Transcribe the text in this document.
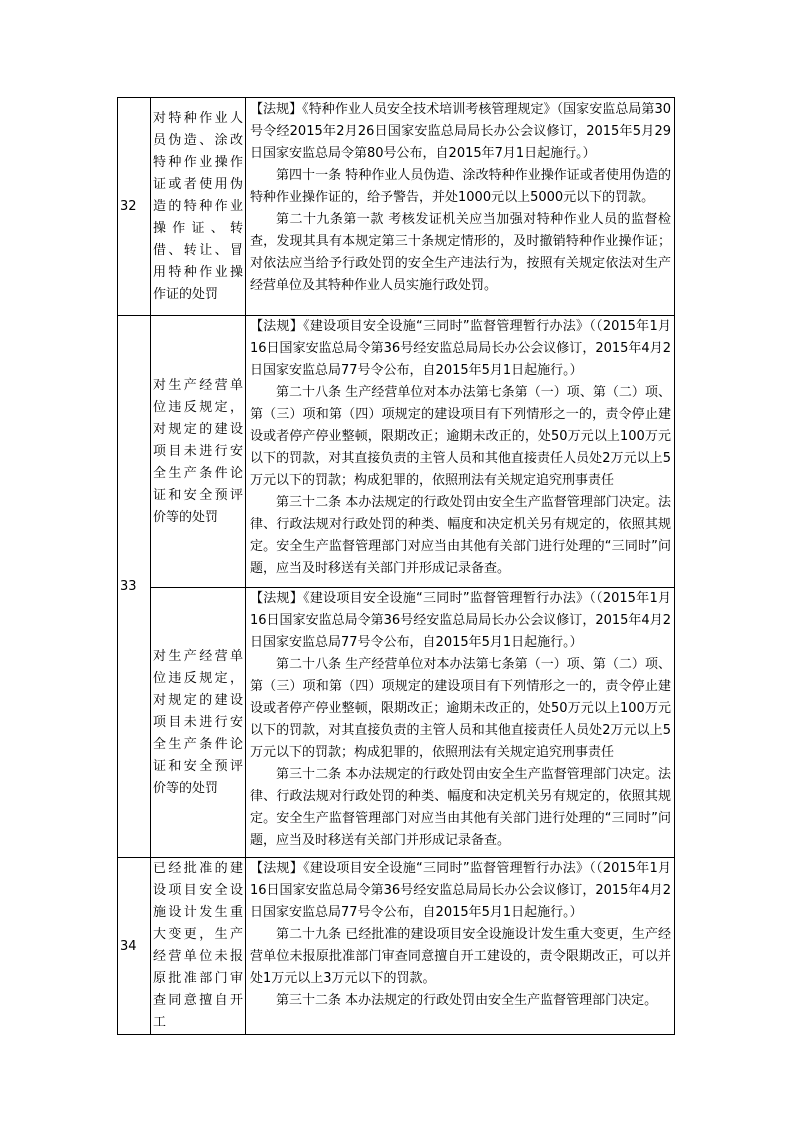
32	对特种作业人员伪造、涂改特种作业操作证或者使用伪造的特种作业操作证、转借、转让、冒用特种作业操作证的处罚	【法规】《特种作业人员安全技术培训考核管理规定》（国家安监总局第30号令经2015年2月26日国家安监总局局长办公会议修订，2015年5月29日国家安监总局令第80号公布，自2015年7月1日起施行。）

第四十一条 特种作业人员伪造、涂改特种作业操作证或者使用伪造的特种作业操作证的，给予警告，并处1000元以上5000元以下的罚款。

第二十九条第一款 考核发证机关应当加强对特种作业人员的监督检查，发现其具有本规定第三十条规定情形的，及时撤销特种作业操作证；对依法应当给予行政处罚的安全生产违法行为，按照有关规定依法对生产经营单位及其特种作业人员实施行政处罚。

33	对生产经营单位违反规定，对规定的建设项目未进行安全生产条件论证和安全预评价等的处罚	【法规】《建设项目安全设施“三同时”监督管理暂行办法》（（2015年1月16日国家安监总局令第36号经安监总局局长办公会议修订，2015年4月2日国家安监总局77号令公布，自2015年5月1日起施行。）

第二十八条 生产经营单位对本办法第七条第（一）项、第（二）项、第（三）项和第（四）项规定的建设项目有下列情形之一的，责令停止建设或者停产停业整顿，限期改正；逾期未改正的，处50万元以上100万元以下的罚款，对其直接负责的主管人员和其他直接责任人员处2万元以上5万元以下的罚款；构成犯罪的，依照刑法有关规定追究刑事责任

第三十二条 本办法规定的行政处罚由安全生产监督管理部门决定。法律、行政法规对行政处罚的种类、幅度和决定机关另有规定的，依照其规定。安全生产监督管理部门对应当由其他有关部门进行处理的“三同时”问题，应当及时移送有关部门并形成记录备查。

	对生产经营单位违反规定，对规定的建设项目未进行安全生产条件论证和安全预评价等的处罚	【法规】《建设项目安全设施“三同时”监督管理暂行办法》（（2015年1月16日国家安监总局令第36号经安监总局局长办公会议修订，2015年4月2日国家安监总局77号令公布，自2015年5月1日起施行。）

第二十八条 生产经营单位对本办法第七条第（一）项、第（二）项、第（三）项和第（四）项规定的建设项目有下列情形之一的，责令停止建设或者停产停业整顿，限期改正；逾期未改正的，处50万元以上100万元以下的罚款，对其直接负责的主管人员和其他直接责任人员处2万元以上5万元以下的罚款；构成犯罪的，依照刑法有关规定追究刑事责任

第三十二条 本办法规定的行政处罚由安全生产监督管理部门决定。法律、行政法规对行政处罚的种类、幅度和决定机关另有规定的，依照其规定。安全生产监督管理部门对应当由其他有关部门进行处理的“三同时”问题，应当及时移送有关部门并形成记录备查。

34	已经批准的建设项目安全设施设计发生重大变更，生产经营单位未报原批准部门审查同意擅自开工	【法规】《建设项目安全设施“三同时”监督管理暂行办法》（（2015年1月16日国家安监总局令第36号经安监总局局长办公会议修订，2015年4月2日国家安监总局77号令公布，自2015年5月1日起施行。）

第二十九条 已经批准的建设项目安全设施设计发生重大变更，生产经营单位未报原批准部门审查同意擅自开工建设的，责令限期改正，可以并处1万元以上3万元以下的罚款。

第三十二条 本办法规定的行政处罚由安全生产监督管理部门决定。
